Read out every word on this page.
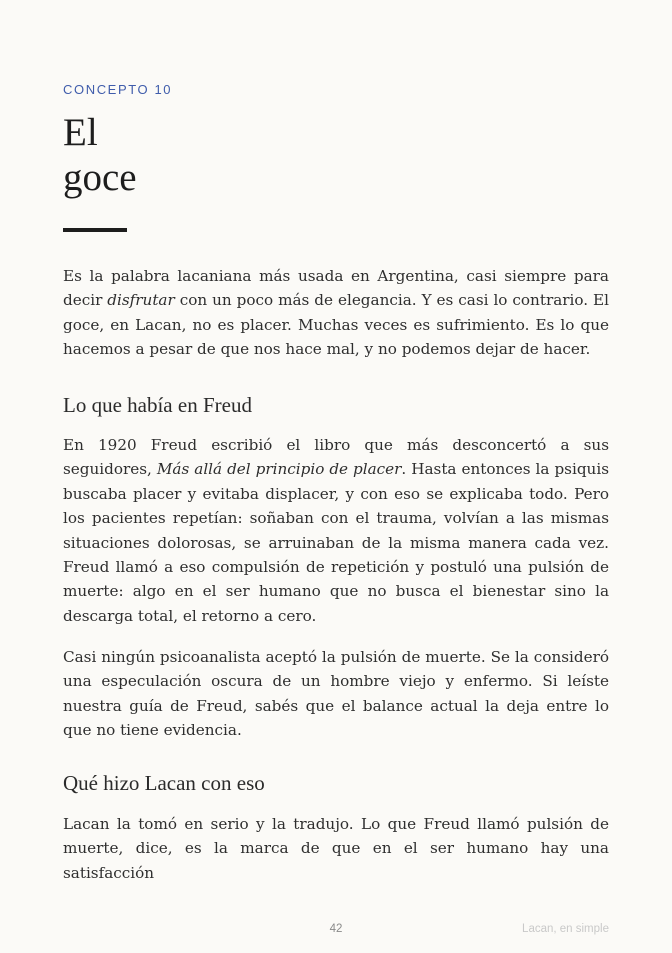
CONCEPTO 10
El
goce

Es la palabra lacaniana más usada en Argentina, casi siempre para decir disfrutar con un poco más de elegancia. Y es casi lo contrario. El goce, en Lacan, no es placer. Muchas veces es sufrimiento. Es lo que hacemos a pesar de que nos hace mal, y no podemos dejar de hacer.

Lo que había en Freud

En 1920 Freud escribió el libro que más desconcertó a sus seguidores, Más allá del principio de placer. Hasta entonces la psiquis buscaba placer y evitaba displacer, y con eso se explicaba todo. Pero los pacientes repetían: soñaban con el trauma, volvían a las mismas situaciones dolorosas, se arruinaban de la misma manera cada vez. Freud llamó a eso compulsión de repetición y postuló una pulsión de muerte: algo en el ser humano que no busca el bienestar sino la descarga total, el retorno a cero.

Casi ningún psicoanalista aceptó la pulsión de muerte. Se la consideró una especulación oscura de un hombre viejo y enfermo. Si leíste nuestra guía de Freud, sabés que el balance actual la deja entre lo que no tiene evidencia.

Qué hizo Lacan con eso

Lacan la tomó en serio y la tradujo. Lo que Freud llamó pulsión de muerte, dice, es la marca de que en el ser humano hay una satisfacción

42	Lacan, en simple
